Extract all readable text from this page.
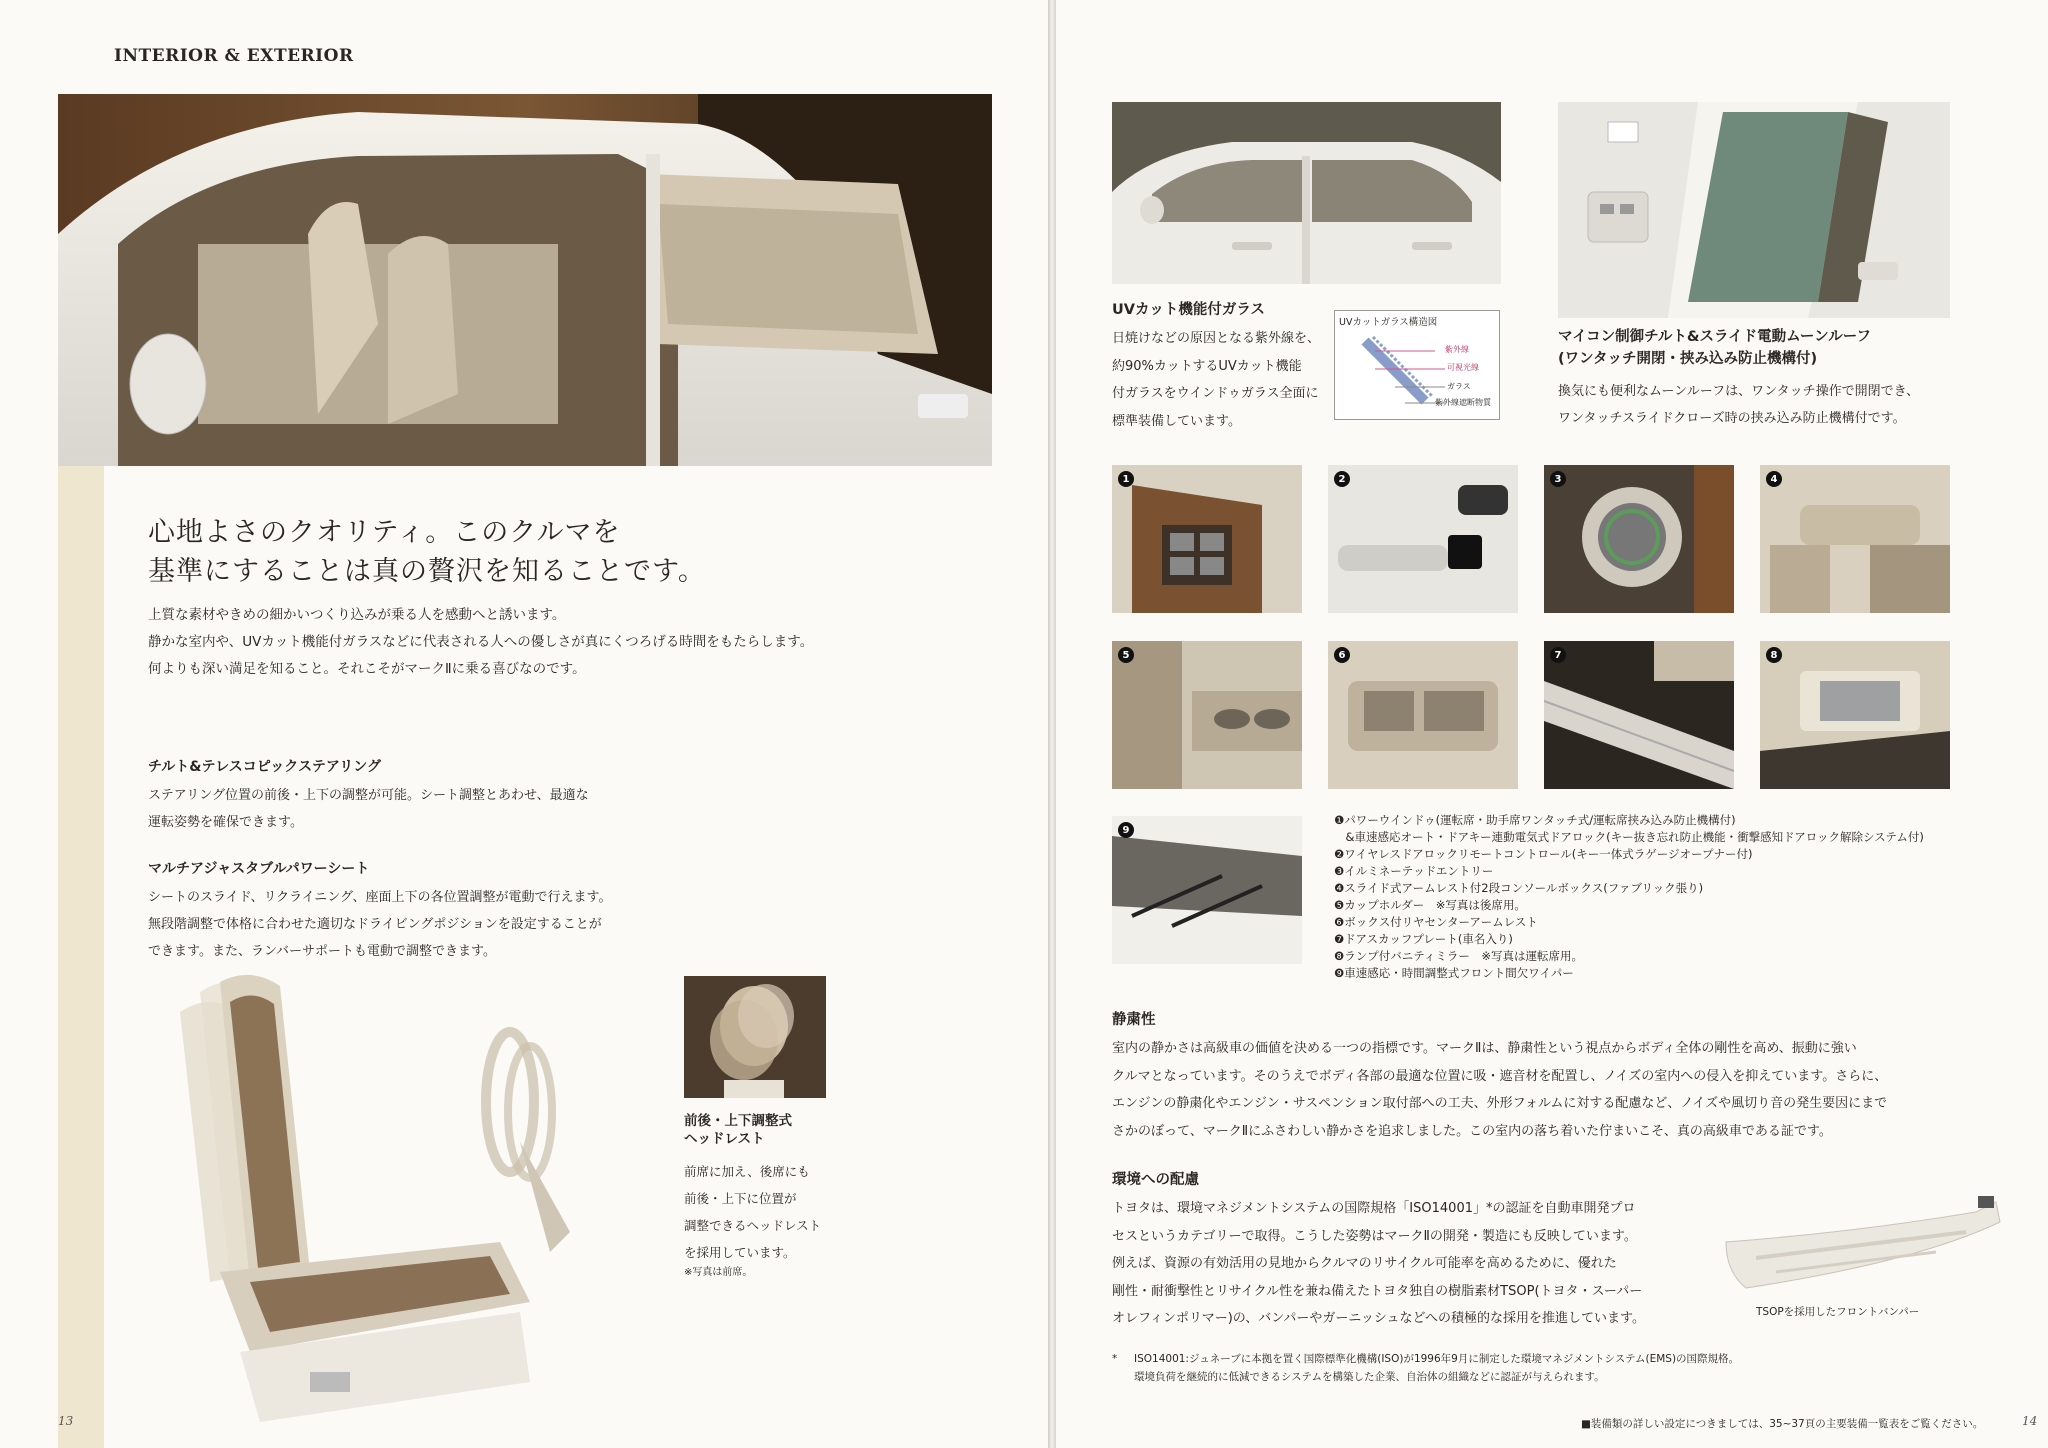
INTERIOR & EXTERIOR
心地よさのクオリティ。このクルマを
基準にすることは真の贅沢を知ることです。
上質な素材やきめの細かいつくり込みが乗る人を感動へと誘います。
静かな室内や、UVカット機能付ガラスなどに代表される人への優しさが真にくつろげる時間をもたらします。
何よりも深い満足を知ること。それこそがマークⅡに乗る喜びなのです。
チルト&テレスコピックステアリング
ステアリング位置の前後・上下の調整が可能。シート調整とあわせ、最適な
運転姿勢を確保できます。
マルチアジャスタブルパワーシート
シートのスライド、リクライニング、座面上下の各位置調整が電動で行えます。
無段階調整で体格に合わせた適切なドライビングポジションを設定することが
できます。また、ランバーサポートも電動で調整できます。
前後・上下調整式
ヘッドレスト
前席に加え、後席にも
前後・上下に位置が
調整できるヘッドレスト
を採用しています。
※写真は前席。
13
UVカット機能付ガラス
日焼けなどの原因となる紫外線を、
約90%カットするUVカット機能
付ガラスをウインドゥガラス全面に
標準装備しています。
UVカットガラス構造図
紫外線
可視光線
ガラス
紫外線遮断物質
マイコン制御チルト&スライド電動ムーンルーフ
(ワンタッチ開閉・挟み込み防止機構付)
換気にも便利なムーンルーフは、ワンタッチ操作で開閉でき、
ワンタッチスライドクローズ時の挟み込み防止機構付です。
1	2	3	4
5	6	7	8
9
❶パワーウインドゥ(運転席・助手席ワンタッチ式/運転席挟み込み防止機構付)
　&車速感応オート・ドアキー連動電気式ドアロック(キー抜き忘れ防止機能・衝撃感知ドアロック解除システム付)
❷ワイヤレスドアロックリモートコントロール(キー一体式ラゲージオープナー付)
❸イルミネーテッドエントリー
❹スライド式アームレスト付2段コンソールボックス(ファブリック張り)
❺カップホルダー　※写真は後席用。
❻ボックス付リヤセンターアームレスト
❼ドアスカッフプレート(車名入り)
❽ランプ付バニティミラー　※写真は運転席用。
❾車速感応・時間調整式フロント間欠ワイパー
静粛性
室内の静かさは高級車の価値を決める一つの指標です。マークⅡは、静粛性という視点からボディ全体の剛性を高め、振動に強い
クルマとなっています。そのうえでボディ各部の最適な位置に吸・遮音材を配置し、ノイズの室内への侵入を抑えています。さらに、
エンジンの静粛化やエンジン・サスペンション取付部への工夫、外形フォルムに対する配慮など、ノイズや風切り音の発生要因にまで
さかのぼって、マークⅡにふさわしい静かさを追求しました。この室内の落ち着いた佇まいこそ、真の高級車である証です。
環境への配慮
トヨタは、環境マネジメントシステムの国際規格「ISO14001」*の認証を自動車開発プロ
セスというカテゴリーで取得。こうした姿勢はマークⅡの開発・製造にも反映しています。
例えば、資源の有効活用の見地からクルマのリサイクル可能率を高めるために、優れた
剛性・耐衝撃性とリサイクル性を兼ね備えたトヨタ独自の樹脂素材TSOP(トヨタ・スーパー
オレフィンポリマー)の、バンパーやガーニッシュなどへの積極的な採用を推進しています。	TSOPを採用したフロントバンパー
*	ISO14001:ジュネーブに本拠を置く国際標準化機構(ISO)が1996年9月に制定した環境マネジメントシステム(EMS)の国際規格。
環境負荷を継続的に低減できるシステムを構築した企業、自治体の組織などに認証が与えられます。
■装備類の詳しい設定につきましては、35~37頁の主要装備一覧表をご覧ください。	14
